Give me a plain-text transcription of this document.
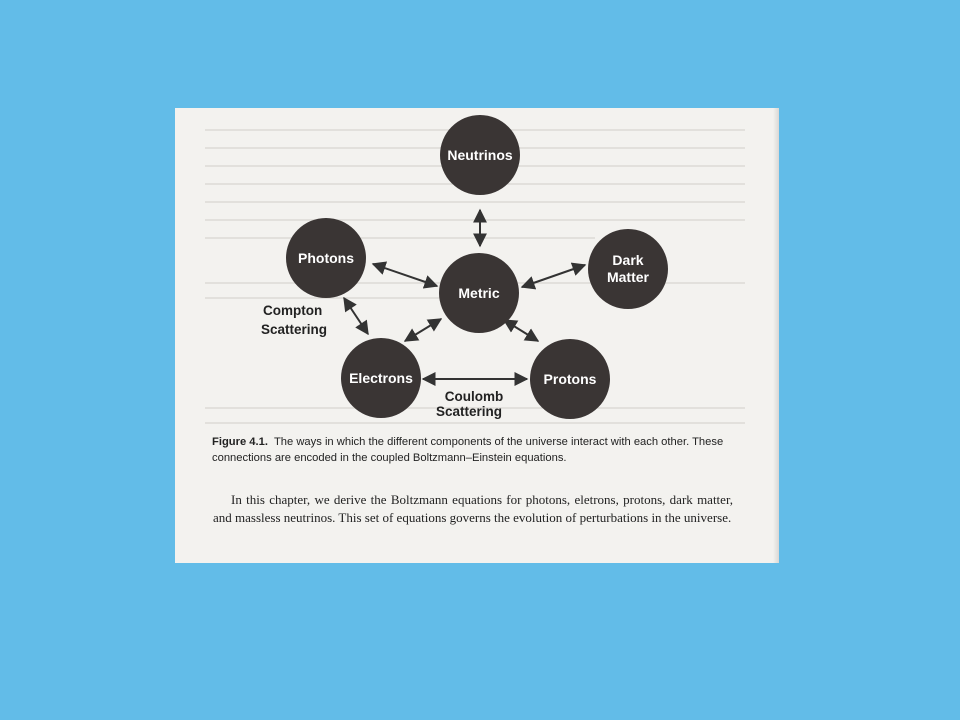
Neutrinos
Photons	Dark
Matter
Metric
Electrons	Protons
Compton
Scattering
Coulomb
Scattering
Figure 4.1. The ways in which the different components of the universe interact with each other. These connections are encoded in the coupled Boltzmann–Einstein equations.
In this chapter, we derive the Boltzmann equations for photons, eletrons, protons, dark matter, and massless neutrinos. This set of equations governs the evolution of perturbations in the universe.
